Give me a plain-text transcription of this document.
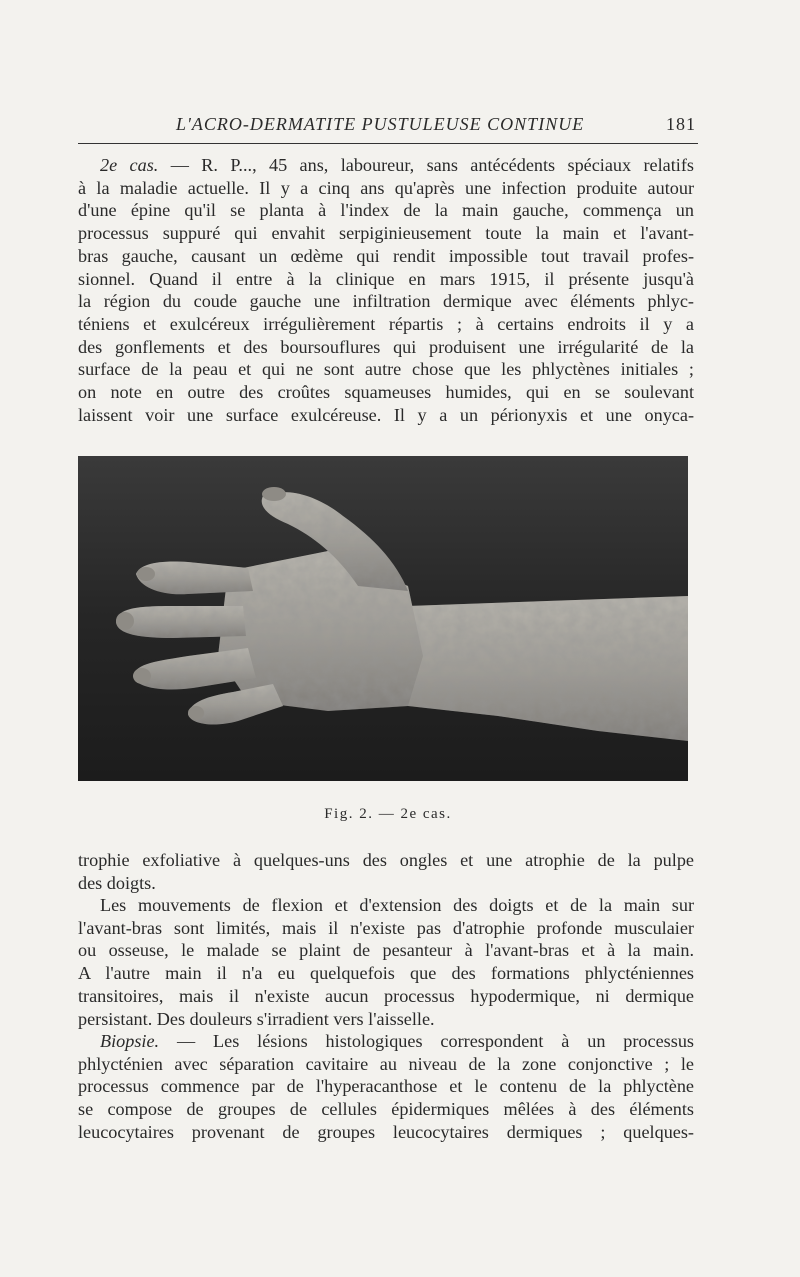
L'ACRO-DERMATITE PUSTULEUSE CONTINUE	181
2e cas. — R. P..., 45 ans, laboureur, sans antécédents spéciaux relatifs
à la maladie actuelle. Il y a cinq ans qu'après une infection produite autour
d'une épine qu'il se planta à l'index de la main gauche, commença un
processus suppuré qui envahit serpiginieusement toute la main et l'avant-
bras gauche, causant un œdème qui rendit impossible tout travail profes-
sionnel. Quand il entre à la clinique en mars 1915, il présente jusqu'à
la région du coude gauche une infiltration dermique avec éléments phlyc-
téniens et exulcéreux irrégulièrement répartis ; à certains endroits il y a
des gonflements et des boursouflures qui produisent une irrégularité de la
surface de la peau et qui ne sont autre chose que les phlyctènes initiales ;
on note en outre des croûtes squameuses humides, qui en se soulevant
laissent voir une surface exulcéreuse. Il y a un périonyxis et une onyca-
Fig. 2. — 2e cas.
trophie exfoliative à quelques-uns des ongles et une atrophie de la pulpe
des doigts.
Les mouvements de flexion et d'extension des doigts et de la main sur
l'avant-bras sont limités, mais il n'existe pas d'atrophie profonde musculaier
ou osseuse, le malade se plaint de pesanteur à l'avant-bras et à la main.
A l'autre main il n'a eu quelquefois que des formations phlycténiennes
transitoires, mais il n'existe aucun processus hypodermique, ni dermique
persistant. Des douleurs s'irradient vers l'aisselle.
Biopsie. — Les lésions histologiques correspondent à un processus
phlycténien avec séparation cavitaire au niveau de la zone conjonctive ; le
processus commence par de l'hyperacanthose et le contenu de la phlyctène
se compose de groupes de cellules épidermiques mêlées à des éléments
leucocytaires provenant de groupes leucocytaires dermiques ; quelques-
